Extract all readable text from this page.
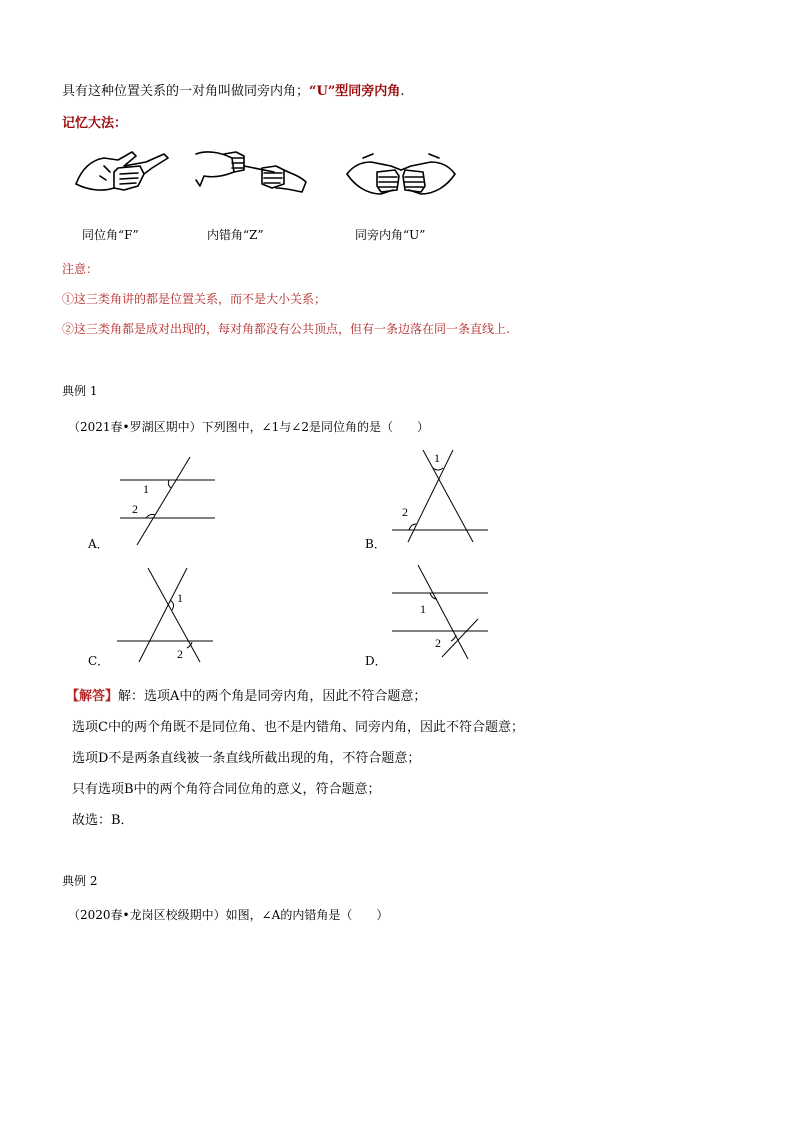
具有这种位置关系的一对角叫做同旁内角；“U”型同旁内角.
记忆大法：
同位角“F”	内错角“Z”	同旁内角“U”
注意：
①这三类角讲的都是位置关系，而不是大小关系；
②这三类角都是成对出现的，每对角都没有公共顶点，但有一条边落在同一条直线上.
典例 1
（2021春•罗湖区期中）下列图中，∠1与∠2是同位角的是（　　）
1
2
A．
1
2
B．
1
2
C．
1
2
D．
【解答】解：选项A中的两个角是同旁内角，因此不符合题意；
选项C中的两个角既不是同位角、也不是内错角、同旁内角，因此不符合题意；
选项D不是两条直线被一条直线所截出现的角，不符合题意；
只有选项B中的两个角符合同位角的意义，符合题意；
故选：B．
典例 2
（2020春•龙岗区校级期中）如图，∠A的内错角是（　　）
